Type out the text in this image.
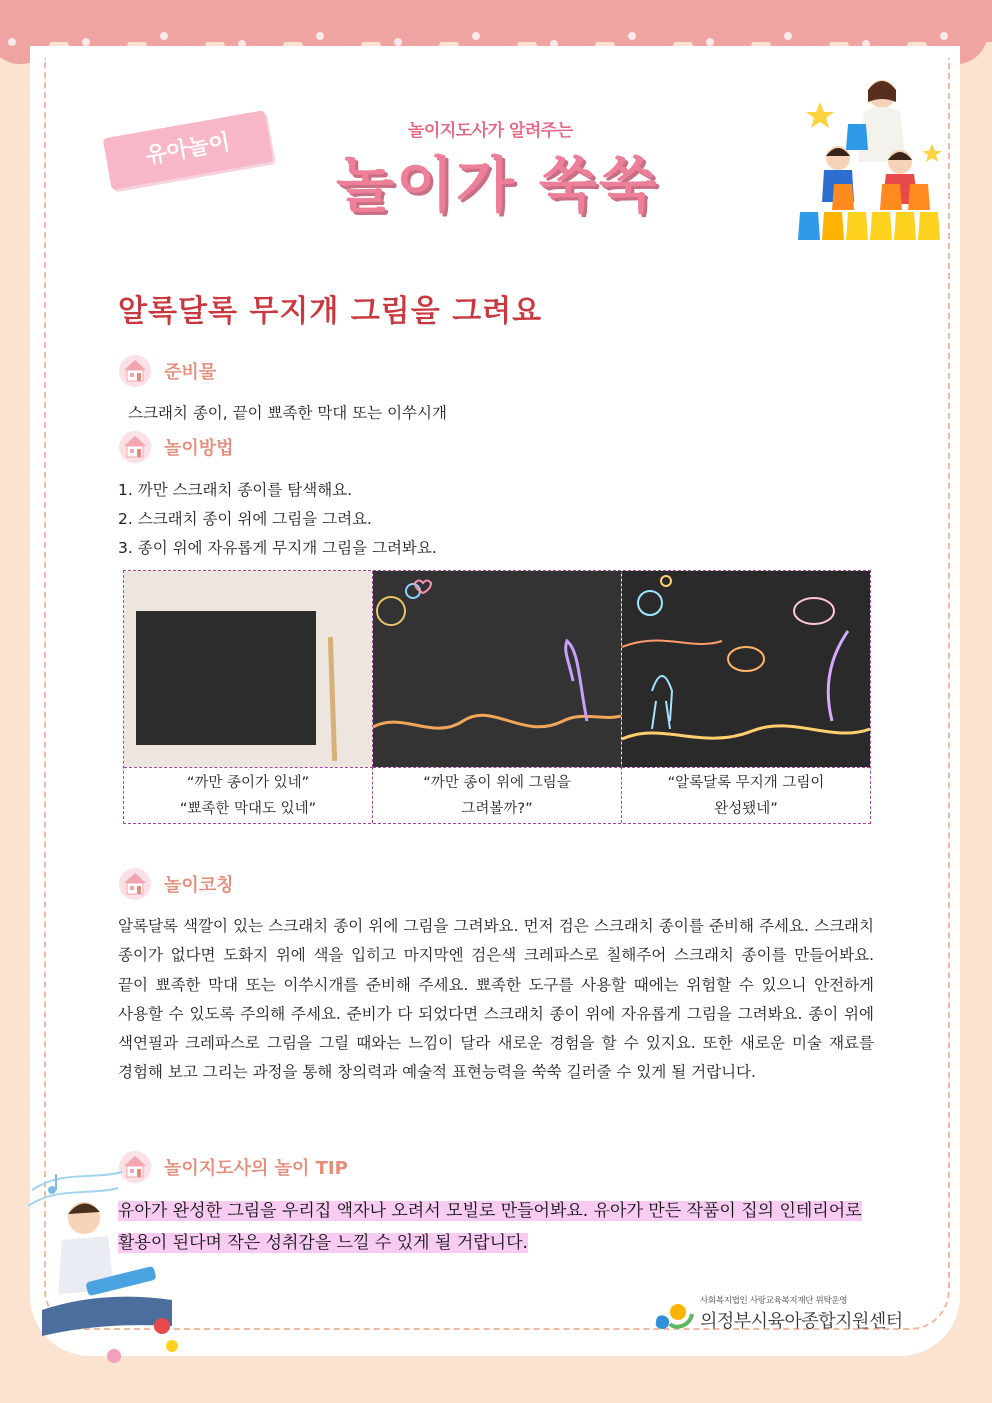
유아놀이	놀이지도사가 알려주는
놀이가 쑥쑥
알록달록 무지개 그림을 그려요
준비물
스크래치 종이, 끝이 뾰족한 막대 또는 이쑤시개
놀이방법
1. 까만 스크래치 종이를 탐색해요.
2. 스크래치 종이 위에 그림을 그려요.
3. 종이 위에 자유롭게 무지개 그림을 그려봐요.
“까만 종이가 있네”
“뾰족한 막대도 있네”
“까만 종이 위에 그림을
그려볼까?”
“알록달록 무지개 그림이
완성됐네”
놀이코칭
알록달록 색깔이 있는 스크래치 종이 위에 그림을 그려봐요. 먼저 검은 스크래치 종이를 준비해 주세요. 스크래치 종이가 없다면 도화지 위에 색을 입히고 마지막엔 검은색 크레파스로 칠해주어 스크래치 종이를 만들어봐요. 끝이 뾰족한 막대 또는 이쑤시개를 준비해 주세요. 뾰족한 도구를 사용할 때에는 위험할 수 있으니 안전하게 사용할 수 있도록 주의해 주세요. 준비가 다 되었다면 스크래치 종이 위에 자유롭게 그림을 그려봐요. 종이 위에 색연필과 크레파스로 그림을 그릴 때와는 느낌이 달라 새로운 경험을 할 수 있지요. 또한 새로운 미술 재료를 경험해 보고 그리는 과정을 통해 창의력과 예술적 표현능력을 쑥쑥 길러줄 수 있게 될 거랍니다.
놀이지도사의 놀이 TIP
유아가 완성한 그림을 우리집 액자나 오려서 모빌로 만들어봐요. 유아가 만든 작품이 집의 인테리어로 활용이 된다며 작은 성취감을 느낄 수 있게 될 거랍니다.
사회복지법인 사랑교육복지재단 위탁운영
의정부시육아종합지원센터
